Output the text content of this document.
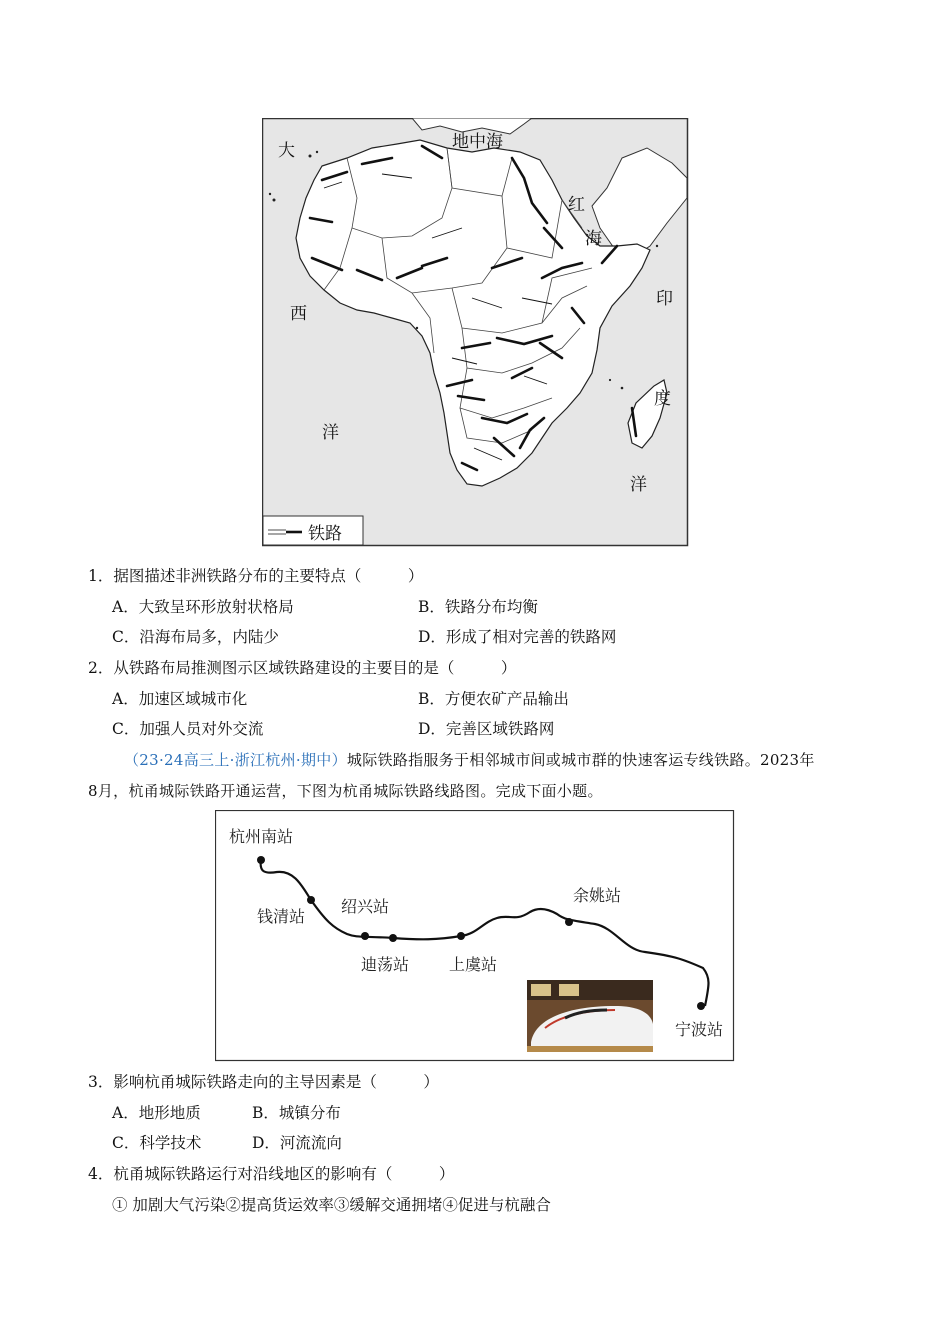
地中海
大
西
洋
红
海
印
度
洋
铁路
1．据图描述非洲铁路分布的主要特点（　　　）
A．大致呈环形放射状格局	B．铁路分布均衡
C．沿海布局多，内陆少	D．形成了相对完善的铁路网
2．从铁路布局推测图示区域铁路建设的主要目的是（　　　）
A．加速区域城市化	B．方便农矿产品输出
C．加强人员对外交流	D．完善区域铁路网
（23·24高三上·浙江杭州·期中）城际铁路指服务于相邻城市间或城市群的快速客运专线铁路。2023年
8月，杭甬城际铁路开通运营，下图为杭甬城际铁路线路图。完成下面小题。
杭州南站
钱清站
绍兴站
迪荡站 上虞站
余姚站
宁波站
3．影响杭甬城际铁路走向的主导因素是（　　　）
A．地形地质	B．城镇分布
C．科学技术	D．河流流向
4．杭甬城际铁路运行对沿线地区的影响有（　　　）
① 加剧大气污染②提高货运效率③缓解交通拥堵④促进与杭融合
